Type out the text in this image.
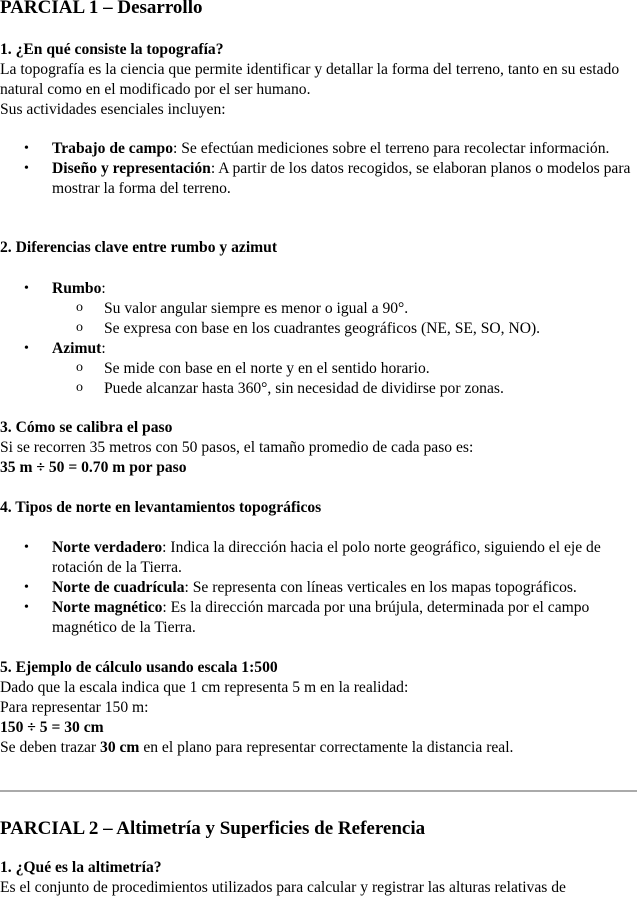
PARCIAL 1 – Desarrollo
1. ¿En qué consiste la topografía?

La topografía es la ciencia que permite identificar y detallar la forma del terreno, tanto en su estado natural como en el modificado por el ser humano.

Sus actividades esenciales incluyen:

• Trabajo de campo: Se efectúan mediciones sobre el terreno para recolectar información.
• Diseño y representación: A partir de los datos recogidos, se elaboran planos o modelos para mostrar la forma del terreno.
2. Diferencias clave entre rumbo y azimut
• Rumbo:
o Su valor angular siempre es menor o igual a 90°.
o Se expresa con base en los cuadrantes geográficos (NE, SE, SO, NO).
• Azimut:
o Se mide con base en el norte y en el sentido horario.
o Puede alcanzar hasta 360°, sin necesidad de dividirse por zonas.
3. Cómo se calibra el paso

Si se recorren 35 metros con 50 pasos, el tamaño promedio de cada paso es:

35 m ÷ 50 = 0.70 m por paso

4. Tipos de norte en levantamientos topográficos
• Norte verdadero: Indica la dirección hacia el polo norte geográfico, siguiendo el eje de rotación de la Tierra.
• Norte de cuadrícula: Se representa con líneas verticales en los mapas topográficos.
• Norte magnético: Es la dirección marcada por una brújula, determinada por el campo magnético de la Tierra.
5. Ejemplo de cálculo usando escala 1:500

Dado que la escala indica que 1 cm representa 5 m en la realidad:

Para representar 150 m:

150 ÷ 5 = 30 cm

Se deben trazar 30 cm en el plano para representar correctamente la distancia real.

PARCIAL 2 – Altimetría y Superficies de Referencia
1. ¿Qué es la altimetría?

Es el conjunto de procedimientos utilizados para calcular y registrar las alturas relativas de
